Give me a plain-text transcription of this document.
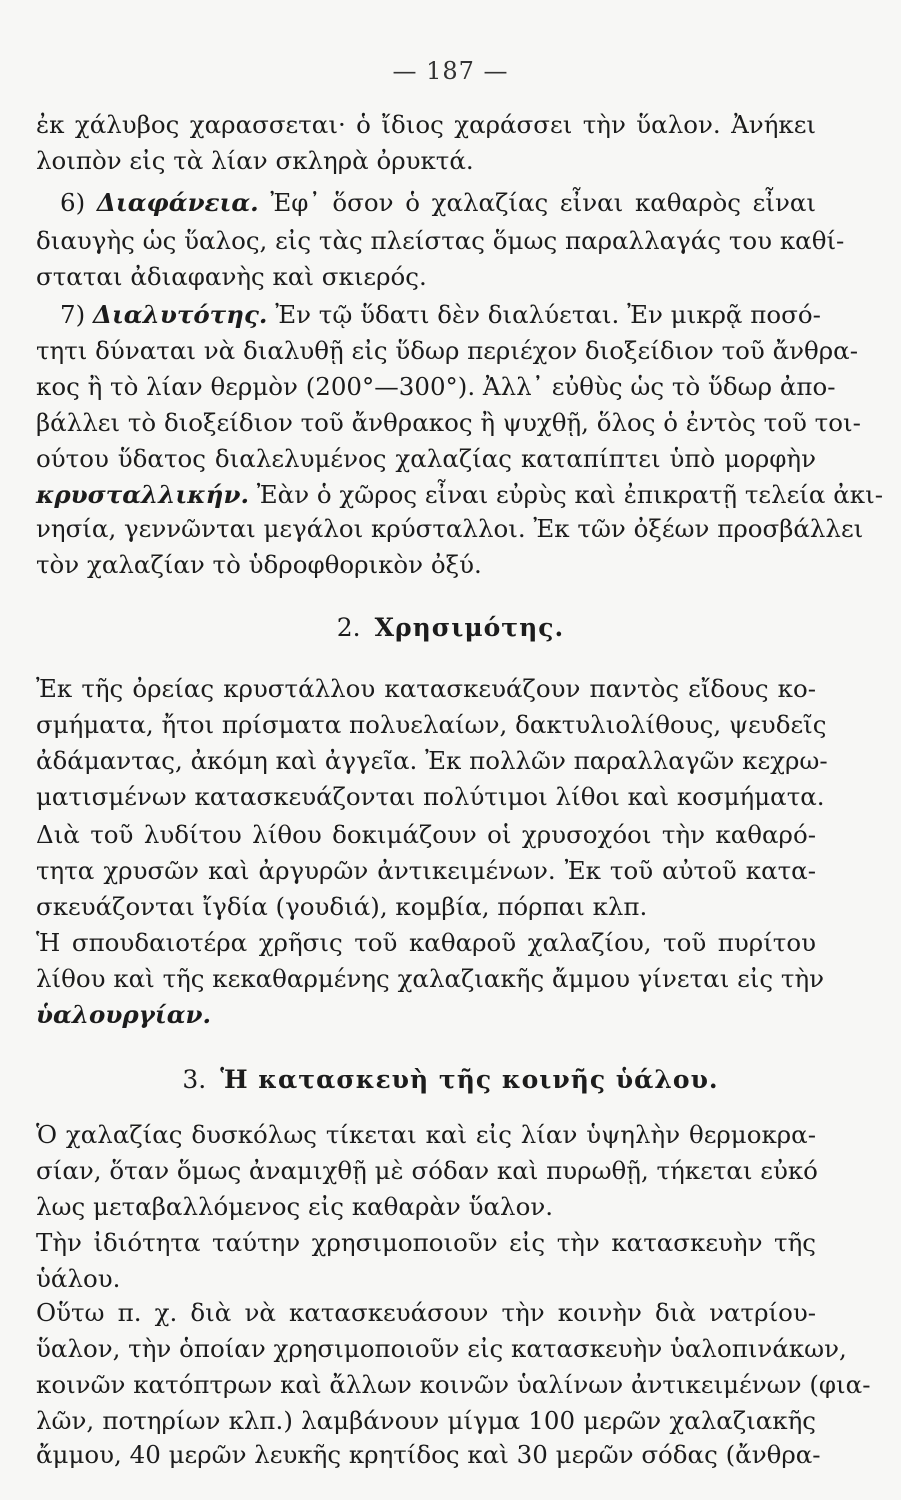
— 187 —
ἐκ χάλυβος χαρασσεται· ὁ ἴδιος χαράσσει τὴν ὕαλον. Ἀνήκει
λοιπὸν εἰς τὰ λίαν σκληρὰ ὀρυκτά.
6) Διαφάνεια. Ἐφ᾽ ὅσον ὁ χαλαζίας εἶναι καθαρὸς εἶναι
διαυγὴς ὡς ὕαλος, εἰς τὰς πλείστας ὅμως παραλλαγάς του καθί-
σταται ἀδιαφανὴς καὶ σκιερός.
7) Διαλυτότης. Ἐν τῷ ὕδατι δὲν διαλύεται. Ἐν μικρᾷ ποσό-
τητι δύναται νὰ διαλυθῇ εἰς ὕδωρ περιέχον διοξείδιον τοῦ ἄνθρα-
κος ἢ τὸ λίαν θερμὸν (200°—300°). Ἀλλ᾽ εὐθὺς ὡς τὸ ὕδωρ ἀπο-
βάλλει τὸ διοξείδιον τοῦ ἄνθρακος ἢ ψυχθῇ, ὅλος ὁ ἐντὸς τοῦ τοι-
ούτου ὕδατος διαλελυμένος χαλαζίας καταπίπτει ὑπὸ μορφὴν
κρυσταλλικήν. Ἐὰν ὁ χῶρος εἶναι εὐρὺς καὶ ἐπικρατῇ τελεία ἀκι-
νησία, γεννῶνται μεγάλοι κρύσταλλοι. Ἐκ τῶν ὀξέων προσβάλλει
τὸν χαλαζίαν τὸ ὑδροφθορικὸν ὀξύ.
2. Χρησιμότης.
Ἐκ τῆς ὀρείας κρυστάλλου κατασκευάζουν παντὸς εἴδους κο-
σμήματα, ἤτοι πρίσματα πολυελαίων, δακτυλιολίθους, ψευδεῖς
ἀδάμαντας, ἀκόμη καὶ ἀγγεῖα. Ἐκ πολλῶν παραλλαγῶν κεχρω-
ματισμένων κατασκευάζονται πολύτιμοι λίθοι καὶ κοσμήματα.
Διὰ τοῦ λυδίτου λίθου δοκιμάζουν οἱ χρυσοχόοι τὴν καθαρό-
τητα χρυσῶν καὶ ἀργυρῶν ἀντικειμένων. Ἐκ τοῦ αὐτοῦ κατα-
σκευάζονται ἴγδία (γουδιά), κομβία, πόρπαι κλπ.
Ἡ σπουδαιοτέρα χρῆσις τοῦ καθαροῦ χαλαζίου, τοῦ πυρίτου
λίθου καὶ τῆς κεκαθαρμένης χαλαζιακῆς ἄμμου γίνεται εἰς τὴν
ὑαλουργίαν.
3. Ἡ κατασκευὴ τῆς κοινῆς ὑάλου.
Ὁ χαλαζίας δυσκόλως τίκεται καὶ εἰς λίαν ὑψηλὴν θερμοκρα-
σίαν, ὅταν ὅμως ἀναμιχθῇ μὲ σόδαν καὶ πυρωθῇ, τήκεται εὐκό
λως μεταβαλλόμενος εἰς καθαρὰν ὕαλον.
Τὴν ἰδιότητα ταύτην χρησιμοποιοῦν εἰς τὴν κατασκευὴν τῆς
ὑάλου.
Οὕτω π. χ. διὰ νὰ κατασκευάσουν τὴν κοινὴν διὰ νατρίου-
ὕαλον, τὴν ὁποίαν χρησιμοποιοῦν εἰς κατασκευὴν ὑαλοπινάκων,
κοινῶν κατόπτρων καὶ ἄλλων κοινῶν ὑαλίνων ἀντικειμένων (φια-
λῶν, ποτηρίων κλπ.) λαμβάνουν μίγμα 100 μερῶν χαλαζιακῆς
ἄμμου, 40 μερῶν λευκῆς κρητίδος καὶ 30 μερῶν σόδας (ἄνθρα-
